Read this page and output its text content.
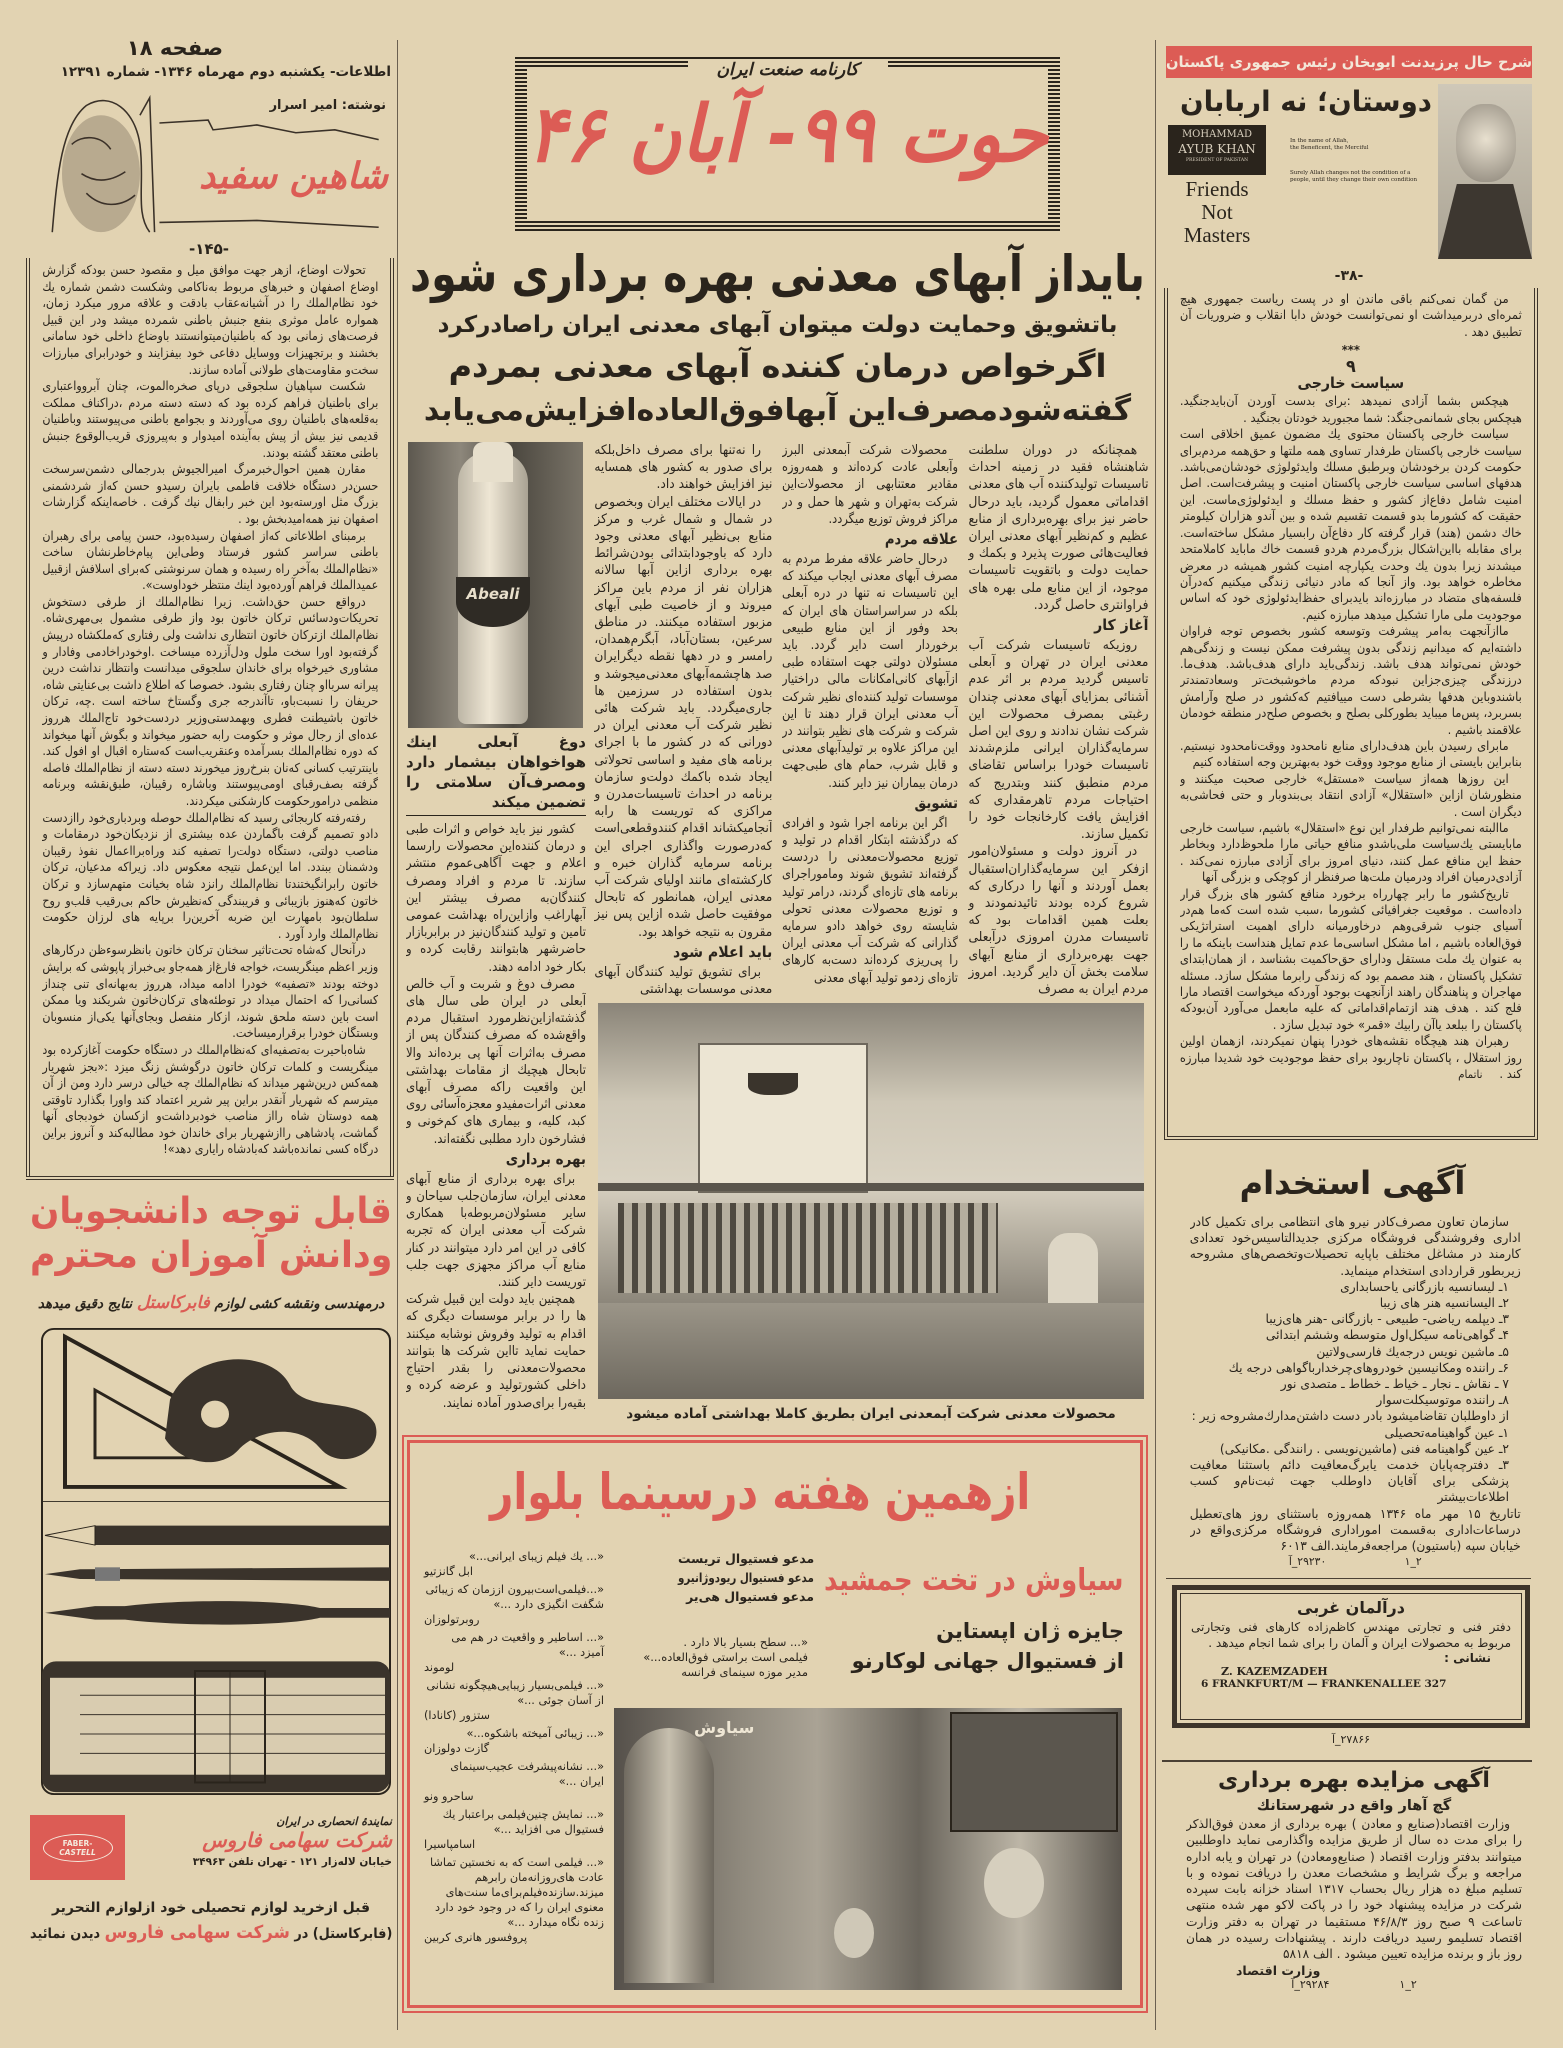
صفحه ۱۸
اطلاعات- یکشنبه دوم مهرماه ۱۳۴۶- شماره ۱۲۳۹۱
نوشته: امیر اسرار
شاهین سفید
-۱۴۵-

تحولات اوضاع، ازهر جهت موافق میل و مقصود حسن بودکه گزارش اوضاع اصفهان و خبرهای مربوط به‌ناکامی وشکست دشمن شماره یك خود نظام‌الملك را در آشیانه‌عقاب بادقت و علاقه مرور میکرد زمان، همواره عامل موثری بنفع جنبش باطنی شمرده میشد ودر این قبیل فرصت‌های زمانی بود که باطنیان‌میتوانستند باوضاع داخلی خود سامانی بخشند و برتجهیزات ووسایل دفاعی خود بیفزایند و خودرابرای مبارزات سخت‌و مقاومت‌های طولانی آماده سازند.

شکست سپاهیان سلجوقی درپای صخره‌الموت، چنان آبروواعتباری برای باطنیان فراهم کرده بود که دسته دسته مردم ،دراکناف مملکت به‌قلعه‌های باطنیان روی می‌آوردند و بجوامع باطنی می‌پیوستند وباطنیان قدیمی نیز بیش از پیش به‌آینده امیدوار و به‌پیروزی قریب‌الوقوع جنبش باطنی معتقد گشته بودند.

مقارن همین احوال‌خبرمرگ امیرالجیوش بدرجمالی دشمن‌سرسخت حسن‌در دستگاه خلافت فاطمی بایران رسیدو حسن که‌از شردشمنی بزرگ مثل اورسته‌بود این خبر رابفال نیك گرفت . خاصه‌اینکه گزارشات اصفهان نیز همه‌امیدبخش بود .

برمبنای اطلاعاتی که‌از اصفهان رسیده‌بود، حسن پیامی برای رهبران باطنی سراسر کشور فرستاد وطی‌این پیام‌خاطرنشان ساخت «نظام‌الملك به‌آخر راه رسیده و همان سرنوشتی که‌برای اسلافش ازقبیل عمیدالملك فراهم آورده‌بود اینك منتظر خوداوست».

درواقع حسن حق‌داشت. زیرا نظام‌الملك از طرفی دستخوش تحریکات‌ودسائس ترکان خاتون بود واز طرفی مشمول بی‌مهری‌شاه. نظام‌الملك ازترکان خاتون انتظاری نداشت ولی رفتاری که‌ملکشاه درپیش گرفته‌بود اورا سخت ملول ودل‌آزرده میساخت .اوخودراخادمی وفادار و مشاوری خیرخواه برای خاندان سلجوقی میدانست وانتظار نداشت درین پیرانه سربااو چنان رفتاری بشود. خصوصا که اطلاع داشت بی‌عنایتی شاه، حریفان را نسبت‌باو، تاآندرجه جری وگستاخ ساخته است .چه، ترکان خاتون باشیطنت فطری وبهمدستی‌وزیر دردست‌خود تاج‌الملك هرروز عده‌ای از رجال موثر و حکومت رابه حضور میخواند و بگوش آنها میخواند که دوره نظام‌الملك بسرآمده وعنقریب‌است که‌ستاره اقبال او افول کند. باینترتیب کسانی که‌نان بنرخ‌روز میخورند دسته دسته از نظام‌الملك فاصله گرفته بصف‌رقبای اومی‌پیوستند وباشاره رقیبان، طبق‌نقشه وبرنامه منظمی درامورحکومت کارشکنی میکردند.

رفته‌رفته کاربجائی رسید که نظام‌الملك حوصله وبردباری‌خود رااز‌دست دادو تصمیم گرفت باگماردن عده بیشتری از نزدیکان‌خود درمقامات و مناصب دولتی، دستگاه دولت‌را تصفیه کند وراه‌برا‌اعمال نفوذ رقیبان ودشمنان ببندد. اما این‌عمل نتیجه معکوس داد. زیراکه مدعیان، ترکان خاتون رابرانگیختند‌تا نظام‌الملك رانزد شاه بخیانت متهم‌سازد و ترکان خاتون که‌هنوز بازیبائی و فریبندگی که‌نظیرش حاکم بی‌رقیب قلب‌و روح سلطان‌بود بامهارت این ضربه آخرین‌را برپایه های لرزان حکومت نظام‌الملك وارد آورد .

درآنحال که‌شاه تحت‌تاثیر سخنان ترکان خاتون بانظرسوءظن درکارهای وزیر اعظم مینگریست، خواجه فارغ‌از همه‌جاو بی‌خبراز پاپوشی که برایش دوخته بودند «تصفیه» خودرا ادامه میداد، هرروز به‌بهانه‌ای تنی چنداز کسانی‌را که احتمال میداد در توطئه‌های ترکان‌خاتون شریکند ویا ممکن است باین دسته ملحق شوند، ازکار منفصل وبجای‌آنها یکی‌از منسوبان وبستگان خودرا برقرارمیساخت.

شاه‌باحیرت به‌تصفیه‌ای که‌نظام‌الملك در دستگاه حکومت آغازکرده بود مینگریست و کلمات ترکان خاتون درگوشش زنگ میزد :«بجز شهریار همه‌کس درین‌شهر میداند که نظام‌الملك چه خیالی درسر دارد ومن از آن میترسم که شهریار آنقدر براین پیر شریر اعتماد کند واورا بگذارد تاوقتی همه دوستان شاه رااز مناصب خودبرداشت‌و ازکسان خودبجای آنها گماشت، پادشاهی رااز‌شهریار برای خاندان خود مطالبه‌کند و آنروز براین درگاه کسی نمانده‌باشد که‌بادشاه رایاری دهد»!

قابل توجه دانشجویان
ودانش آموزان محترم
درمهندسی ونقشه کشی لوازم فابرکاستل نتایج دقیق میدهد
FABER-
CASTELL
نمایندهٔ انحصاری در ایران
شرکت سهامی فاروس
خیابان لاله‌زار ۱۲۱ - تهران تلفن ۳۴۹۶۳
قبل ازخرید لوازم تحصیلی خود ازلوازم التحریر
(فابرکاستل) در شرکت سهامی فاروس دیدن نمائید
کارنامه صنعت ایران
حوت ۹۹- آبان ۴۶
بایداز آبهای معدنی بهره برداری شود
باتشویق وحمایت دولت میتوان آبهای معدنی ایران راصادرکرد
اگرخواص درمان کننده آبهای معدنی بمردم
گفته‌شودمصرف‌این آبهافوق‌العاده‌افزایش‌می‌یابد

همچنانکه در دوران سلطنت شاهنشاه فقید در زمینه احداث تاسیسات تولیدکننده آب های معدنی اقداماتی معمول گردید، باید درحال حاضر نیز برای بهره‌برداری از منابع عظیم و کم‌نظیر آبهای معدنی ایران فعالیت‌هائی صورت پذیرد و بکمك و حمایت دولت و باتقویت تاسیسات موجود، از این منابع ملی بهره های فراوانتری حاصل گردد.

آغاز کار

روزیکه تاسیسات شرکت آب معدنی ایران در تهران و آبعلی تاسیس گردید مردم بر اثر عدم آشنائی بمزایای آبهای معدنی چندان رغبتی بمصرف محصولات این شرکت نشان ندادند و روی این اصل سرمایه‌گذاران ایرانی ملزم‌شدند تاسیسات خودرا براساس تقاضای مردم منطبق کنند وبتدریج که احتیاجات مردم تاهرمقداری که افزایش یافت کارخانجات خود را تکمیل سازند.

در آنروز دولت و مسئولان‌امور ازفکر این سرمایه‌گذاران‌استقبال بعمل آوردند و آنها را درکاری که شروع کرده بودند تائیدنمودند و بعلت همین اقدامات بود که تاسیسات مدرن امروزی درآبعلی جهت بهره‌برداری از منابع آبهای سلامت بخش آن دایر گردید. امروز مردم ایران به مصرف

محصولات شرکت آبمعدنی البرز وآبعلی عادت کرده‌اند و همه‌روزه مقادیر معتنابهی از محصولات‌این شرکت به‌تهران و شهر ها حمل و در مراکز فروش توزیع میگردد.

علاقه مردم

درحال حاضر علاقه مفرط مردم به مصرف آبهای معدنی ایجاب میکند که این تاسیسات نه تنها در دره آبعلی بلکه در سراسراستان های ایران که بحد وفور از این منابع طبیعی برخوردار است دایر گردد. باید مسئولان دولتی جهت استفاده طبی ازآبهای کانی‌امکانات مالی دراختیار موسسات تولید کننده‌ای نظیر شرکت آب معدنی ایران قرار دهند تا این شرکت و شرکت های نظیر بتوانند در این مراکز علاوه بر تولیدآبهای معدنی و قابل شرب، حمام های طبی‌جهت درمان بیماران نیز دایر کنند.

تشویق

اگر این برنامه اجرا شود و افرادی که درگذشته ابتکار اقدام در تولید و توزیع محصولات‌معدنی را دردست گرفته‌اند تشویق شوند وماموراجرای برنامه های تازه‌ای گردند، درامر تولید و توزیع محصولات معدنی تحولی شایسته روی خواهد دادو سرمایه گذارانی که شرکت آب معدنی ایران را پی‌ریزی کرده‌اند دست‌به کارهای تازه‌ای زدمو تولید آبهای معدنی

را نه‌تنها برای مصرف داخل‌بلکه برای صدور به کشور های همسایه نیز افزایش خواهند داد.

در ایالات مختلف ایران وبخصوص در شمال و شمال غرب و مرکز منابع بی‌نظیر آبهای معدنی وجود دارد که باوجودابتدائی بودن‌شرائط بهره برداری ازاین آبها سالانه هزاران نفر از مردم باین مراکز میروند و از خاصیت طبی آبهای مزبور استفاده میکنند. در مناطق سرعین، بستان‌آباد، آبگرم‌همدان، رامسر و در دهها نقطه دیگرایران صد هاچشمه‌آبهای معدنی‌میجوشد و بدون استفاده در سرزمین ها جاری‌میگردد. باید شرکت هائی نظیر شرکت آب معدنی ایران در دورانی که در کشور ما با اجرای برنامه های مفید و اساسی تحولاتی ایجاد شده باکمك دولت‌و سازمان برنامه در احداث تاسیسات‌مدرن و مراکزی که توریست ها رابه آنجامیکشاند اقدام کنندوقطعی‌است که‌درصورت واگذاری اجرای این برنامه سرمایه گذاران خبره و کارکشته‌ای مانند اولیای شرکت آب معدنی ایران، همانطور که تابحال موفقیت حاصل شده ازاین پس نیز مقرون به نتیجه خواهد بود.

باید اعلام شود

برای تشویق تولید کنندگان آبهای معدنی موسسات بهداشتی

Abeali
دوغ آبعلی اینك هواخواهان بیشمار دارد ومصرف‌آن سلامتی را تضمین میکند

کشور نیز باید خواص و اثرات طبی و درمان کننده‌این محصولات رارسما اعلام و جهت آگاهی‌عموم منتشر سازند. تا مردم و افراد ومصرف کنندگان‌به مصرف بیشتر این آبهاراغب وازاین‌راه بهداشت عمومی تامین و تولید کنندگان‌نیز در برابربازار حاضرشهر هابتوانند رقابت کرده و بکار خود ادامه دهند.

مصرف دوغ و شربت و آب خالص آبعلی در ایران طی سال های گذشته‌ازاین‌نظرمورد استقبال مردم واقع‌شده که مصرف کنندگان پس از مصرف به‌اثرات آنها پی برده‌اند والا تابحال هیچیك از مقامات بهداشتی این واقعیت راکه مصرف آبهای معدنی اثرات‌مفیدو معجزه‌آسائی روی کبد، کلیه، و بیماری های کم‌خونی و فشارخون دارد مطلبی نگفته‌اند.

بهره برداری

برای بهره برداری از منابع آبهای معدنی ایران، سازمان‌جلب سیاحان و سایر مسئولان‌مربوطه‌با همکاری شرکت آب معدنی ایران که تجربه کافی در این امر دارد میتوانند در کنار منابع آب مراکز مجهزی جهت جلب توریست دایر کنند.

همچنین باید دولت این قبیل شرکت ها را در برابر موسسات دیگری که اقدام به تولید وفروش نوشابه میکنند حمایت نماید تااین شرکت ها بتوانند محصولات‌معدنی را بقدر احتیاج داخلی کشورتولید و عرضه کرده و بقیه‌را برای‌صدور آماده نمایند.

محصولات معدنی شرکت آبمعدنی ایران بطریق کاملا بهداشتی آماده میشود
ازهمین هفته درسینما بلوار
سیاوش در تخت جمشید
مدعو فستیوال تریست
مدعو فستیوال ریودوژانیرو
مدعو فستیوال هی‌یر
جایزه ژان اپستاین
از فستیوال جهانی لوکارنو
«... سطح بسیار بالا دارد .
فیلمی است براستی فوق‌العاده...»
مدیر موزه سینمای فرانسه
«... یك فیلم زیبای ایرانی...»
ابل گانزتیو
«...فیلمی‌است‌بیرون اززمان که زیبائی شگفت انگیزی دارد ...»
روبرتولوزان
«... اساطیر و واقعیت در هم می آمیزد ...»
لوموند
«... فیلمی‌بسیار زیبایی‌هیچگونه نشانی از آسان جوئی ...»
ستزور (کانادا)
«... زیبائی آمیخته باشکوه...»
گازت دولوزان
«... نشانه‌پیشرفت عجیب‌سینمای ایران ...»
ساحرو ونو
«... نمایش چنین‌فیلمی براعتبار یك فستیوال می افزاید ...»
اسامپاسیرا
«... فیلمی است که به نخستین تماشا عادت های‌روزانه‌مان رابرهم میزند.سازنده‌فیلم‌برای‌ما سنت‌های معنوی ایران را که در وجود خود دارد زنده نگاه میدارد ...»
پروفسور هانری کربین
سیاوش
شرح حال پرزیدنت ایوبخان رئیس جمهوری پاکستان
دوستان؛ نه اربابان
MOHAMMAD
AYUB KHAN
PRESIDENT OF PAKISTAN
In the name of Allah,
the Beneficent, the Merciful
Surely Allah changes not the condition of a people, until they change their own condition
Friends Not Masters
-۳۸-

من گمان نمی‌کنم باقی ماندن او در پست ریاست جمهوری هیچ ثمره‌ای دربرمیداشت او نمی‌توانست خودش دابا انقلاب و ضروریات آن تطبیق دهد .

***
۹
سیاست خارجی

هیچکس بشما آزادی نمیدهد :برای بدست آوردن آن‌بایدجنگید. هیچکس بجای شمانمی‌جنگد: شما مجبورید خودتان بجنگید .

سیاست خارجی پاکستان محتوی یك مضمون عمیق اخلاقی است سیاست خارجی پاکستان طرفدار تساوی همه ملتها و حق‌همه مردم‌برای حکومت کردن برخودشان وبرطبق مسلك وایدئولوژی خودشان‌می‌باشد. هدفهای اساسی سیاست خارجی پاکستان امنیت و پیشرفت‌است. اصل امنیت شامل دفاع‌از کشور و حفظ مسلك و ایدئولوژی‌ماست. این حقیقت که کشورما بدو قسمت تقسیم شده و بین آندو هزاران کیلومتر خاك دشمن (هند) قرار گرفته کار دفاع‌آن رابسیار مشکل ساخته‌است. برای مقابله بااین‌اشکال بزرگ‌مردم هردو قسمت خاك مابايد کاملامتحد میشدند زیرا بدون یك وحدت یکپارچه امنیت کشور همیشه در معرض مخاطره خواهد بود. واز آنجا که مادر دنیائی زندگی میکنیم که‌درآن فلسفه‌های متضاد در مبارزه‌اند بایدبرای حفظ‌ایدئولوژی خود که اساس موجودیت ملی مارا تشکیل میدهد مبارزه کنیم.

ماازآنجهت به‌امر پیشرفت وتوسعه کشور بخصوص توجه فراوان داشته‌ایم که میدانیم زندگی بدون پیشرفت ممکن نیست و زندگی‌هم خودش نمی‌تواند هدف باشد. زندگی‌باید دارای هدف‌باشد. هدف‌ما. درزندگی چیزی‌جزاین نبودکه مردم ماخوشبخت‌تر وسعادتمندتر باشندوباین هدفها بشرطی دست میيافتیم که‌کشور در صلح وآرامش بسربرد، پس‌ما میباید بطورکلی بصلح و بخصوص صلح‌در منطقه خودمان علاقمند باشیم .

مابرای رسیدن باین هدف‌دارای منابع نامحدود ووقت‌نامحدود نیستیم. بنابراین بایستی از منابع موجود ووقت خود به‌بهترین وجه استفاده کنیم

این روزها همه‌از سیاست «مستقل» خارجی صحبت میکنند و منظورشان ازاین «استقلال» آزادی انتقاد بی‌بندوبار و حتی فحاشی‌به دیگران است .

ماالبته نمی‌توانیم طرفدار این نوع «استقلال» باشیم، سیاست خارجی مابایستی یك‌سیاست ملی‌باشدو منافع حیاتی مارا ملحوظ‌دارد وبخاطر حفظ این منافع عمل کنند، دنیای امروز برای آزادی مبارزه نمی‌کند . آزادی‌درمیان افراد ودرمیان ملت‌ها صرفنظر از کوچکی و بزرگی آنها

تاریخ‌کشور ما رابر چهارراه برخورد منافع کشور های بزرگ قرار داده‌است . موقعیت جغرافیائی کشورما ،سبب شده است که‌ما هم‌در آسیای جنوب شرقی‌وهم درخاورمیانه دارای اهمیت استراتژیکی فوق‌العاده باشیم ، اما مشکل اساسی‌ما عدم تمایل هنداست باینکه ما را به عنوان یك ملت مستقل ودارای حق‌حاکمیت بشناسد ، از همان‌ابتدای تشکیل پاکستان ، هند مصمم بود که زندگی رابرما مشکل سازد. مسئله مهاجران و پناهندگان راهند ازآنجهت بوجود آوردکه میخواست اقتصاد مارا فلج کند . هدف هند ازتمام‌اقداماتی که علیه مابعمل می‌آورد آن‌بودکه پاکستان را ببلعد یاآن رابیك «قمر» خود تبدیل سازد .

رهبران هند هیچگاه نقشه‌های خودرا پنهان نمیکردند، ازهمان اولین روز استقلال ، پاکستان ناچاربود برای حفظ موجودیت خود شدیدا مبارزه کند . ناتمام

آگهی استخدام

سازمان تعاون مصرف‌کادر نیرو های انتظامی برای تکمیل کادر اداری وفروشندگی فروشگاه مرکزی جدیدالتاسیس‌خود تعدادی کارمند در مشاغل مختلف باپایه تحصیلات‌وتخصص‌های مشروحه زیربطور قراردادی استخدام مینماید.

۱ـ لیسانسیه بازرگانی یاحسابداری
۲ـ الیسانسیه هنر های زیبا
۳ـ دیپلمه ریاضی- طبیعی - بازرگانی -هنر های‌زیبا
۴ـ گواهی‌نامه سیکل‌اول متوسطه وششم ابتدائی
۵ـ ماشین نویس درجه‌یك فارسی‌ولاتین
۶ـ راننده ومکانیسین خودروهای‌چرخداربا‌گواهی درجه یك
۷ ـ نقاش ـ نجار ـ خیاط ـ خطاط ـ متصدی نور
۸ـ راننده موتوسیکلت‌سوار

از داوطلبان تقاضامیشود بادر دست داشتن‌مدارك‌مشروحه زیر :

۱ـ عین گواهینامه‌تحصیلی
۲ـ عین گواهینامه فنی (ماشین‌نویسی . رانندگی .مکانیکی)
۳ـ دفترچه‌پایان خدمت یابرگ‌معافیت دائم باستثنا معافیت پزشکی برای آقایان داوطلب جهت ثبت‌نام‌و کسب اطلاعات‌بیشتر

تاتاریخ ۱۵ مهر ماه ۱۳۴۶ همه‌روزه باستثنای روز های‌تعطیل درساعات‌اداری به‌قسمت اموراداری فروشگاه مرکزی‌واقع در خیابان سپه (باستیون) مراجعه‌فرمایند.الف ۶۰۱۳

۲_۱
۲۹۲۳۰_آ
درآلمان غربی
دفتر فنی و تجارتی مهندس کاظم‌زاده کارهای فنی وتجارتی مربوط به محصولات ایران و آلمان را برای شما انجام میدهد .
نشانی :
Z. KAZEMZADEH
6 FRANKFURT/M — FRANKENALLEE 327
۲۷۸۶۶_آ
آگهی مزایده بهره برداری
گچ آهار واقع در شهرستانك

وزارت اقتصاد(صنایع و معادن ) بهره برداری از معدن فوق‌الذکر را برای مدت ده سال از طریق مزایده واگذارمی نماید داوطلبین میتوانند بدفتر وزارت اقتصاد ( صنایع‌ومعادن) در تهران و یابه اداره مراجعه و برگ شرایط و مشخصات معدن را دریافت نموده و با تسلیم مبلغ ده هزار ریال بحساب ۱۳۱۷ اسناد خزانه بابت سپرده شرکت در مزایده پیشنهاد خود را در پاکت لاکو مهر شده منتهی تاساعت ۹ صبح روز ۴۶/۸/۳ مستقیما در تهران به دفتر وزارت اقتصاد تسلیمو رسید دریافت دارند . پیشنهادات رسیده در همان روز باز و برنده مزایده تعیین میشود . الف ۵۸۱۸

وزارت اقتصاد
۲_۱
۲۹۲۸۴_آ
